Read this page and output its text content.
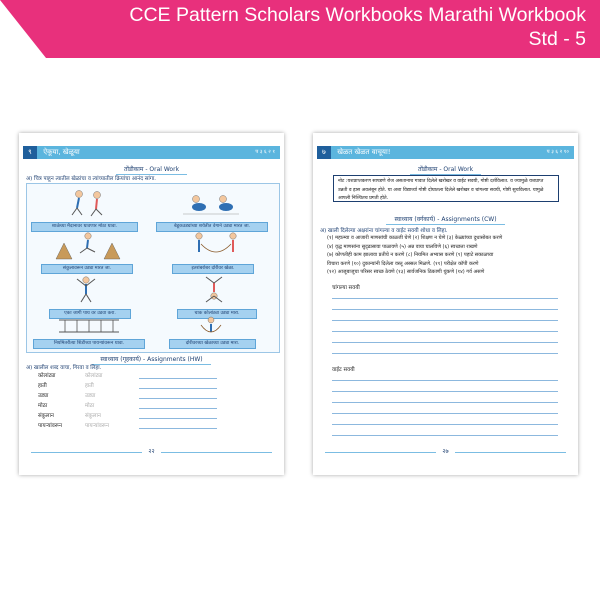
CCE Pattern Scholars Workbooks Marathi Workbook
Std - 5
९ ऐकूया, खेळूया	प ३ ६ २ १
तोंडीकाम - Oral Work
अ) चित्र पाहून त्यातील खेळांचा व त्यांच्यातील क्रियांचा आनंद सांगा.
शाळेच्या मैदानावर धावणार मोठा धावा.	बेडूकउड्यांच्या शर्यतीत वेगाने उड्या मारत जा.
संकुलावरून उड्या मारत जा.	इतरांबरोबर दोरीवर खेळा.
एका जागी पाय वर उडवा करा.	चाक कोलांट्या उड्या मारा.
नियमितरीत्या शिडीच्या पायऱ्यांवरून धावा.	दोरीवरच्या खेळाच्या उड्या मारा.
स्वाध्याय (गृहकार्य) - Assignments (HW)
अ) खालील शब्द वाचा, गिरवा व लिहा.
कोलांट्या	कोलांट्या
हाती	हाती
उड्या	उड्या
मोठा	मोठा
संकुलान	संकुलान
पायऱ्यांवरून	पायऱ्यांवरून
२२
७ खेळत खेळत वाचूया!	प ३ ६ २ १०
तोंडीकाम - Oral Work
नोट :यशप्राप्तकरण सापडणे रोज असतानाच गावात दिलेले खरोखर व वाईट सवयी, गोष्टी दर्शविलात. व ज्यामुळे यशप्राप्त उन्नती व ह्रास अवलंबून होते. या अशा विद्यार्थ्या गोष्टी दोघातला दिलेले खरोखर व चांगल्या सवयी, गोष्टी सुचविलात. यामुळे आपली निश्चितच प्रगती होते.
स्वाध्याय (वर्गकार्य) - Assignments (CW)
अ) खाली दिलेल्या अक्षरांना चांगल्या व वाईट सवयी शोधा व लिहा.
(१) महात्म्या व आजारी माणसांची काळजी घेणे (२) शिक्षण न घेणे (३) केळ्यांच्या दुधासोबत करणे
(४) वृद्ध माणसांना सुदृढासावा पाळावणे (५) अन्न वाया घालविणे (६) स्वच्छता राखणे
(७) कोणतीही काम झालावा प्रतीचे न करणे (८) नियमित अभ्यास करणे (९) पहाटे सकाळच्या
विचारा करणे (१०) दुकान्यांनी दिलेला वस्तू अस्सल मिळणे. (११) परीक्षेत कॉपी करणे
(१२) आजूबाजूचा परिसर स्वच्छ ठेवणे (१३) सार्वजनिक ठिकाणी थुंकणे (१४) गर्व असणे
चांगल्या सवयी
वाईट सवयी
२७
